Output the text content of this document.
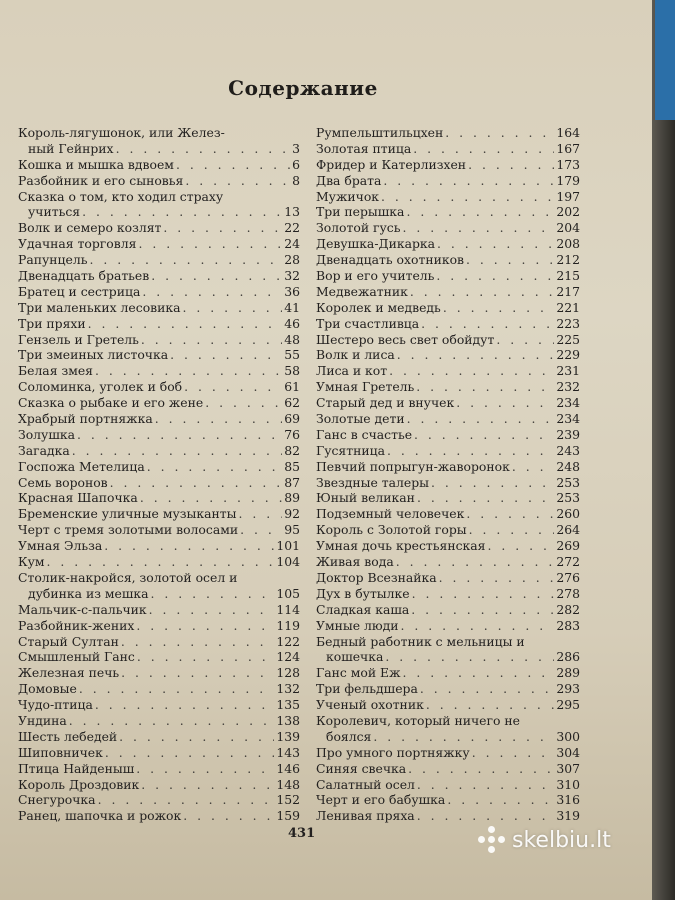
Содержание
Король-лягушонок, или Желез-
ный Гейнрих . . .	3
Кошка и мышка вдвоем . . .	6
Разбойник и его сыновья . . .	8
Сказка о том, кто ходил страху
учиться . . .	13
Волк и семеро козлят . . .	22
Удачная торговля . . .	24
Рапунцель . . .	28
Двенадцать братьев . . .	32
Братец и сестрица . . .	36
Три маленьких лесовика . . .	41
Три пряхи . . .	46
Гензель и Гретель . . .	48
Три змеиных листочка . . .	55
Белая змея . . .	58
Соломинка, уголек и боб . . .	61
Сказка о рыбаке и его жене . . .	62
Храбрый портняжка . . .	69
Золушка . . .	76
Загадка . . .	82
Госпожа Метелица . . .	85
Семь воронов . . .	87
Красная Шапочка . . .	89
Бременские уличные музыканты . . .	92
Черт с тремя золотыми волосами . . .	95
Умная Эльза . . .	101
Кум . . .	104
Столик-накройся, золотой осел и
дубинка из мешка . . .	105
Мальчик-с-пальчик . . .	114
Разбойник-жених . . .	119
Старый Султан . . .	122
Смышленый Ганс . . .	124
Железная печь . . .	128
Домовые . . .	132
Чудо-птица . . .	135
Ундина . . .	138
Шесть лебедей . . .	139
Шиповничек . . .	143
Птица Найденыш . . .	146
Король Дроздовик . . .	148
Снегурочка . . .	152
Ранец, шапочка и рожок . . .	159
Румпельштильцхен . . .	164
Золотая птица . . .	167
Фридер и Катерлизхен . . .	173
Два брата . . .	179
Мужичок . . .	197
Три перышка . . .	202
Золотой гусь . . .	204
Девушка-Дикарка . . .	208
Двенадцать охотников . . .	212
Вор и его учитель . . .	215
Медвежатник . . .	217
Королек и медведь . . .	221
Три счастливца . . .	223
Шестеро весь свет обойдут . . .	225
Волк и лиса . . .	229
Лиса и кот . . .	231
Умная Гретель . . .	232
Старый дед и внучек . . .	234
Золотые дети . . .	234
Ганс в счастье . . .	239
Гусятница . . .	243
Певчий попрыгун-жаворонок . . .	248
Звездные талеры . . .	253
Юный великан . . .	253
Подземный человечек . . .	260
Король с Золотой горы . . .	264
Умная дочь крестьянская . . .	269
Живая вода . . .	272
Доктор Всезнайка . . .	276
Дух в бутылке . . .	278
Сладкая каша . . .	282
Умные люди . . .	283
Бедный работник с мельницы и
кошечка . . .	286
Ганс мой Еж . . .	289
Три фельдшера . . .	293
Ученый охотник . . .	295
Королевич, который ничего не
боялся . . .	300
Про умного портняжку . . .	304
Синяя свечка . . .	307
Салатный осел . . .	310
Черт и его бабушка . . .	316
Ленивая пряха . . .	319
431	skelbiu.lt
